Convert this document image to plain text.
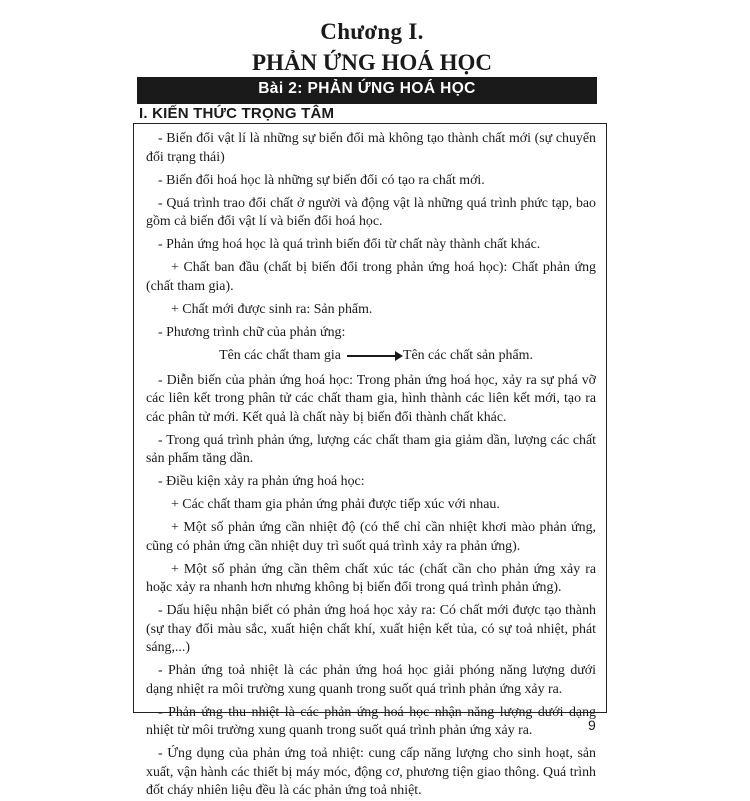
Chương I.
PHẢN ỨNG HOÁ HỌC
Bài 2: PHẢN ỨNG HOÁ HỌC
I. KIẾN THỨC TRỌNG TÂM

- Biến đổi vật lí là những sự biến đổi mà không tạo thành chất mới (sự chuyển đổi trạng thái)

- Biến đổi hoá học là những sự biến đổi có tạo ra chất mới.

- Quá trình trao đổi chất ở người và động vật là những quá trình phức tạp, bao gồm cả biến đổi vật lí và biến đổi hoá học.

- Phản ứng hoá học là quá trình biến đổi từ chất này thành chất khác.

+ Chất ban đầu (chất bị biến đổi trong phản ứng hoá học): Chất phản ứng (chất tham gia).

+ Chất mới được sinh ra: Sản phẩm.

- Phương trình chữ của phản ứng:

Tên các chất tham gia	Tên các chất sản phẩm.

- Diễn biến của phản ứng hoá học: Trong phản ứng hoá học, xảy ra sự phá vỡ các liên kết trong phân tử các chất tham gia, hình thành các liên kết mới, tạo ra các phân tử mới. Kết quả là chất này bị biến đổi thành chất khác.

- Trong quá trình phản ứng, lượng các chất tham gia giảm dần, lượng các chất sản phẩm tăng dần.

- Điều kiện xảy ra phản ứng hoá học:

+ Các chất tham gia phản ứng phải được tiếp xúc với nhau.

+ Một số phản ứng cần nhiệt độ (có thể chỉ cần nhiệt khơi mào phản ứng, cũng có phản ứng cần nhiệt duy trì suốt quá trình xảy ra phản ứng).

+ Một số phản ứng cần thêm chất xúc tác (chất cần cho phản ứng xảy ra hoặc xảy ra nhanh hơn nhưng không bị biến đổi trong quá trình phản ứng).

- Dấu hiệu nhận biết có phản ứng hoá học xảy ra: Có chất mới được tạo thành (sự thay đổi màu sắc, xuất hiện chất khí, xuất hiện kết tủa, có sự toả nhiệt, phát sáng,...)

- Phản ứng toả nhiệt là các phản ứng hoá học giải phóng năng lượng dưới dạng nhiệt ra môi trường xung quanh trong suốt quá trình phản ứng xảy ra.

- Phản ứng thu nhiệt là các phản ứng hoá học nhận năng lượng dưới dạng nhiệt từ môi trường xung quanh trong suốt quá trình phản ứng xảy ra.

- Ứng dụng của phản ứng toả nhiệt: cung cấp năng lượng cho sinh hoạt, sản xuất, vận hành các thiết bị máy móc, động cơ, phương tiện giao thông. Quá trình đốt cháy nhiên liệu đều là các phản ứng toả nhiệt.

9
